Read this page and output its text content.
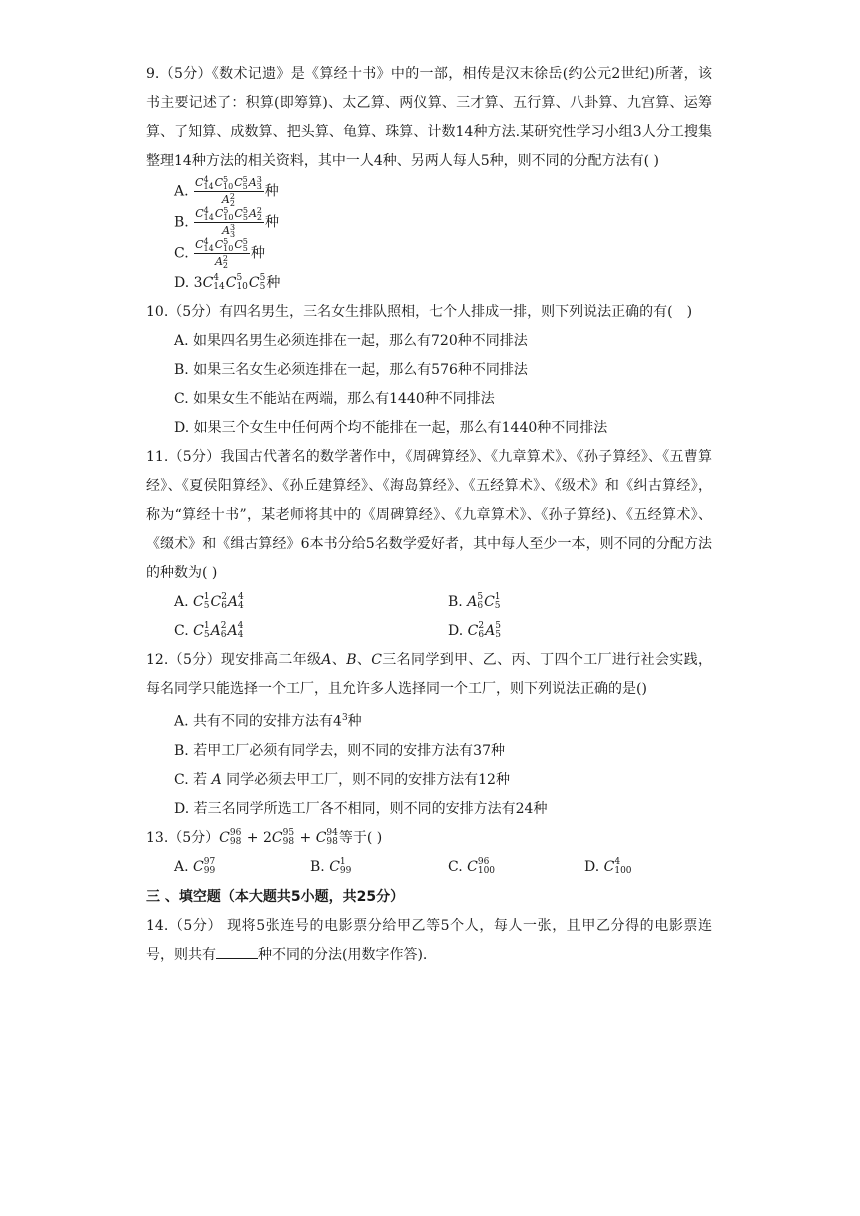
9.（5分）《数术记遗》是《算经十书》中的一部，相传是汉末徐岳(约公元2世纪)所著，该书主要记述了：积算(即筹算)、太乙算、两仪算、三才算、五行算、八卦算、九宫算、运筹算、了知算、成数算、把头算、龟算、珠算、计数14种方法.某研究性学习小组3人分工搜集整理14种方法的相关资料，其中一人4种、另两人每人5种，则不同的分配方法有( )
A. C 4
14 C 5
10 C 5
5 A 3
3
A 2
2 种
B. C 4
14 C 5
10 C 5
5 A 2
2
A 3
3 种
C. C 4
14 C 5
10 C 5
5
A 2
2 种
D. 3C 4
14 C 5
10 C 5
5 种
10.（5分）有四名男生，三名女生排队照相，七个人排成一排，则下列说法正确的有(　)
A. 如果四名男生必须连排在一起，那么有720种不同排法
B. 如果三名女生必须连排在一起，那么有576种不同排法
C. 如果女生不能站在两端，那么有1440种不同排法
D. 如果三个女生中任何两个均不能排在一起，那么有1440种不同排法
11.（5分）我国古代著名的数学著作中，《周碑算经》、《九章算术》、《孙子算经》、《五曹算经》、《夏侯阳算经》、《孙丘建算经》、《海岛算经》、《五经算术》、《级术》和《纠古算经》，称为“算经十书”，某老师将其中的《周碑算经》、《九章算术》、《孙子算经)、《五经算术》、《缀术》和《缉古算经》6本书分给5名数学爱好者，其中每人至少一本，则不同的分配方法的种数为( )
A. C 1
5 C 2
6 A 4
4	B. A 5
6 C 1
5
C. C 1
5 A 2
6 A 4
4	D. C 2
6 A 5
5
12.（5分）现安排高二年级A、B、C三名同学到甲、乙、丙、丁四个工厂进行社会实践，每名同学只能选择一个工厂，且允许多人选择同一个工厂，则下列说法正确的是()
A. 共有不同的安排方法有$4^3$种
B. 若甲工厂必须有同学去，则不同的安排方法有37种
C. 若 A 同学必须去甲工厂，则不同的安排方法有12种
D. 若三名同学所选工厂各不相同，则不同的安排方法有24种
13.（5分）C 96
98 + 2C 95
98 + C 94
98 等于( )
A. C 97
99	B. C 1
99	C. C 96
100	D. C 4
100
三 、填空题（本大题共5小题，共25分）
14.（5分） 现将5张连号的电影票分给甲乙等5个人，每人一张，且甲乙分得的电影票连号，则共有	种不同的分法(用数字作答).
